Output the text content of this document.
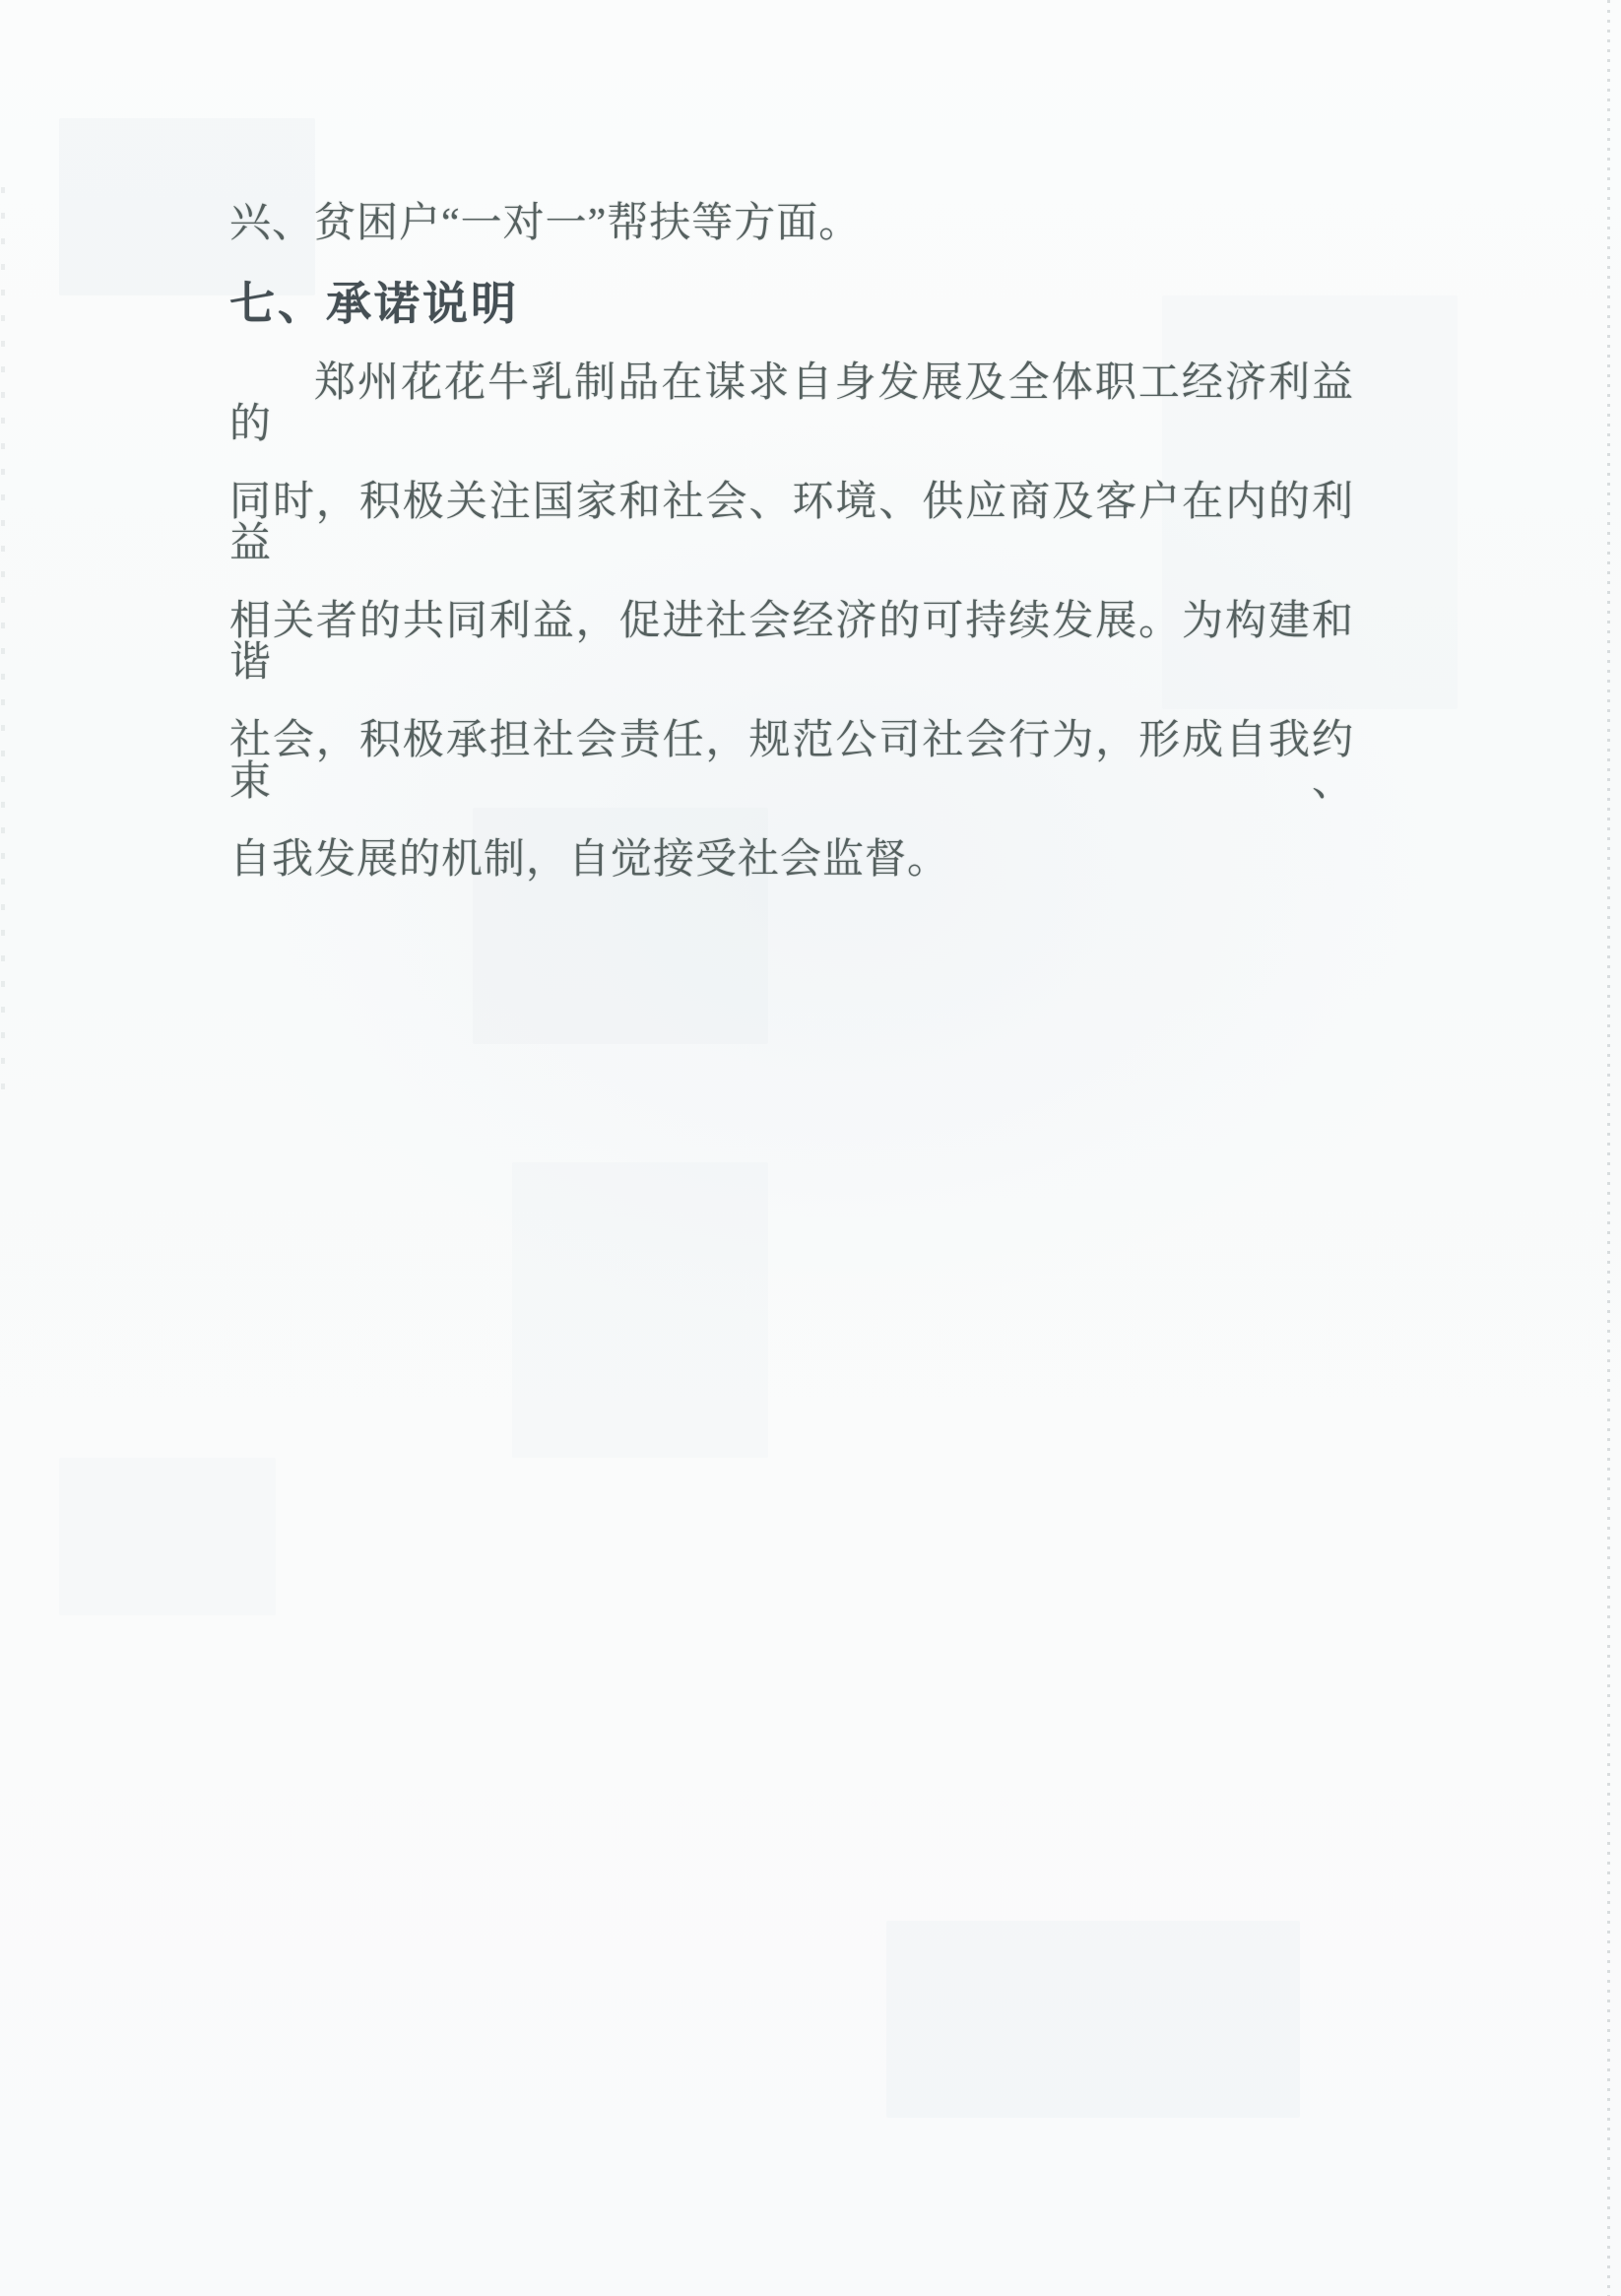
兴、贫困户“一对一”帮扶等方面。
七、承诺说明
郑州花花牛乳制品在谋求自身发展及全体职工经济利益的
同时，积极关注国家和社会、环境、供应商及客户在内的利益
相关者的共同利益，促进社会经济的可持续发展。为构建和谐
社会，积极承担社会责任，规范公司社会行为，形成自我约束、
自我发展的机制，自觉接受社会监督。
